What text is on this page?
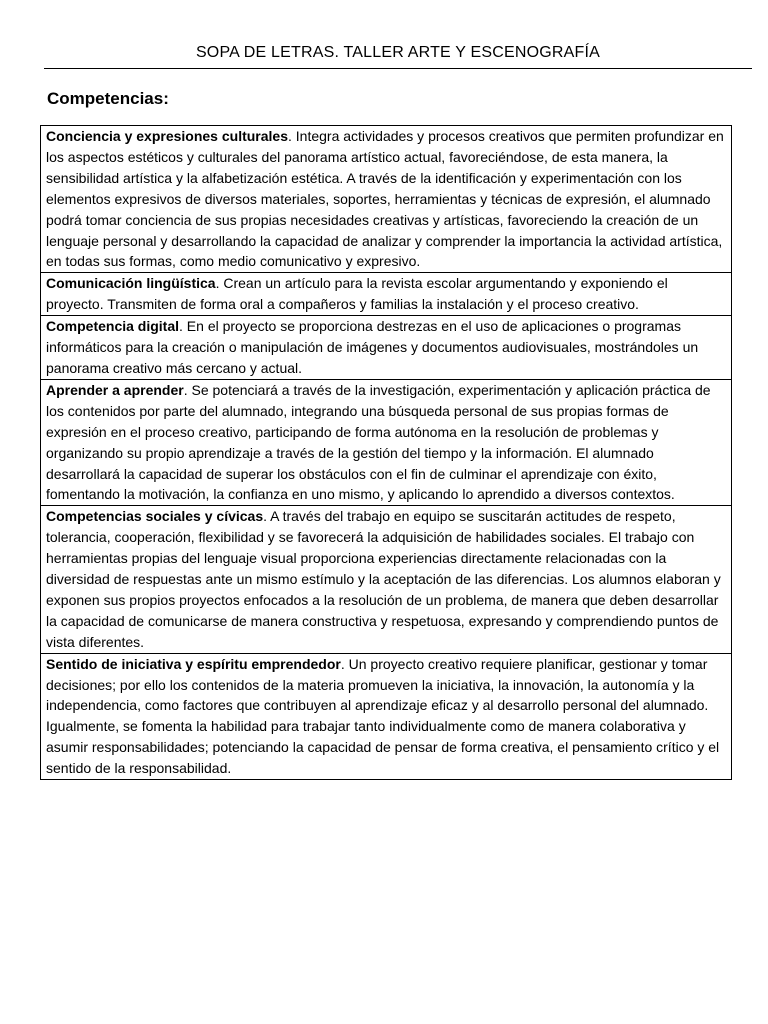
SOPA DE LETRAS. TALLER ARTE Y ESCENOGRAFÍA
Competencias:
Conciencia y expresiones culturales. Integra actividades y procesos creativos que permiten profundizar en los aspectos estéticos y culturales del panorama artístico actual, favoreciéndose, de esta manera, la sensibilidad artística y la alfabetización estética. A través de la identificación y experimentación con los elementos expresivos de diversos materiales, soportes, herramientas y técnicas de expresión, el alumnado podrá tomar conciencia de sus propias necesidades creativas y artísticas, favoreciendo la creación de un lenguaje personal y desarrollando la capacidad de analizar y comprender la importancia la actividad artística, en todas sus formas, como medio comunicativo y expresivo.
Comunicación lingüística. Crean un artículo para la revista escolar argumentando y exponiendo el proyecto. Transmiten de forma oral a compañeros y familias la instalación y el proceso creativo.
Competencia digital. En el proyecto se proporciona destrezas en el uso de aplicaciones o programas informáticos para la creación o manipulación de imágenes y documentos audiovisuales, mostrándoles un panorama creativo más cercano y actual.
Aprender a aprender. Se potenciará a través de la investigación, experimentación y aplicación práctica de los contenidos por parte del alumnado, integrando una búsqueda personal de sus propias formas de expresión en el proceso creativo, participando de forma autónoma en la resolución de problemas y organizando su propio aprendizaje a través de la gestión del tiempo y la información. El alumnado desarrollará la capacidad de superar los obstáculos con el fin de culminar el aprendizaje con éxito, fomentando la motivación, la confianza en uno mismo, y aplicando lo aprendido a diversos contextos.
Competencias sociales y cívicas. A través del trabajo en equipo se suscitarán actitudes de respeto, tolerancia, cooperación, flexibilidad y se favorecerá la adquisición de habilidades sociales. El trabajo con herramientas propias del lenguaje visual proporciona experiencias directamente relacionadas con la diversidad de respuestas ante un mismo estímulo y la aceptación de las diferencias. Los alumnos elaboran y exponen sus propios proyectos enfocados a la resolución de un problema, de manera que deben desarrollar la capacidad de comunicarse de manera constructiva y respetuosa, expresando y comprendiendo puntos de vista diferentes.
Sentido de iniciativa y espíritu emprendedor. Un proyecto creativo requiere planificar, gestionar y tomar decisiones; por ello los contenidos de la materia promueven la iniciativa, la innovación, la autonomía y la independencia, como factores que contribuyen al aprendizaje eficaz y al desarrollo personal del alumnado. Igualmente, se fomenta la habilidad para trabajar tanto individualmente como de manera colaborativa y asumir responsabilidades; potenciando la capacidad de pensar de forma creativa, el pensamiento crítico y el sentido de la responsabilidad.
